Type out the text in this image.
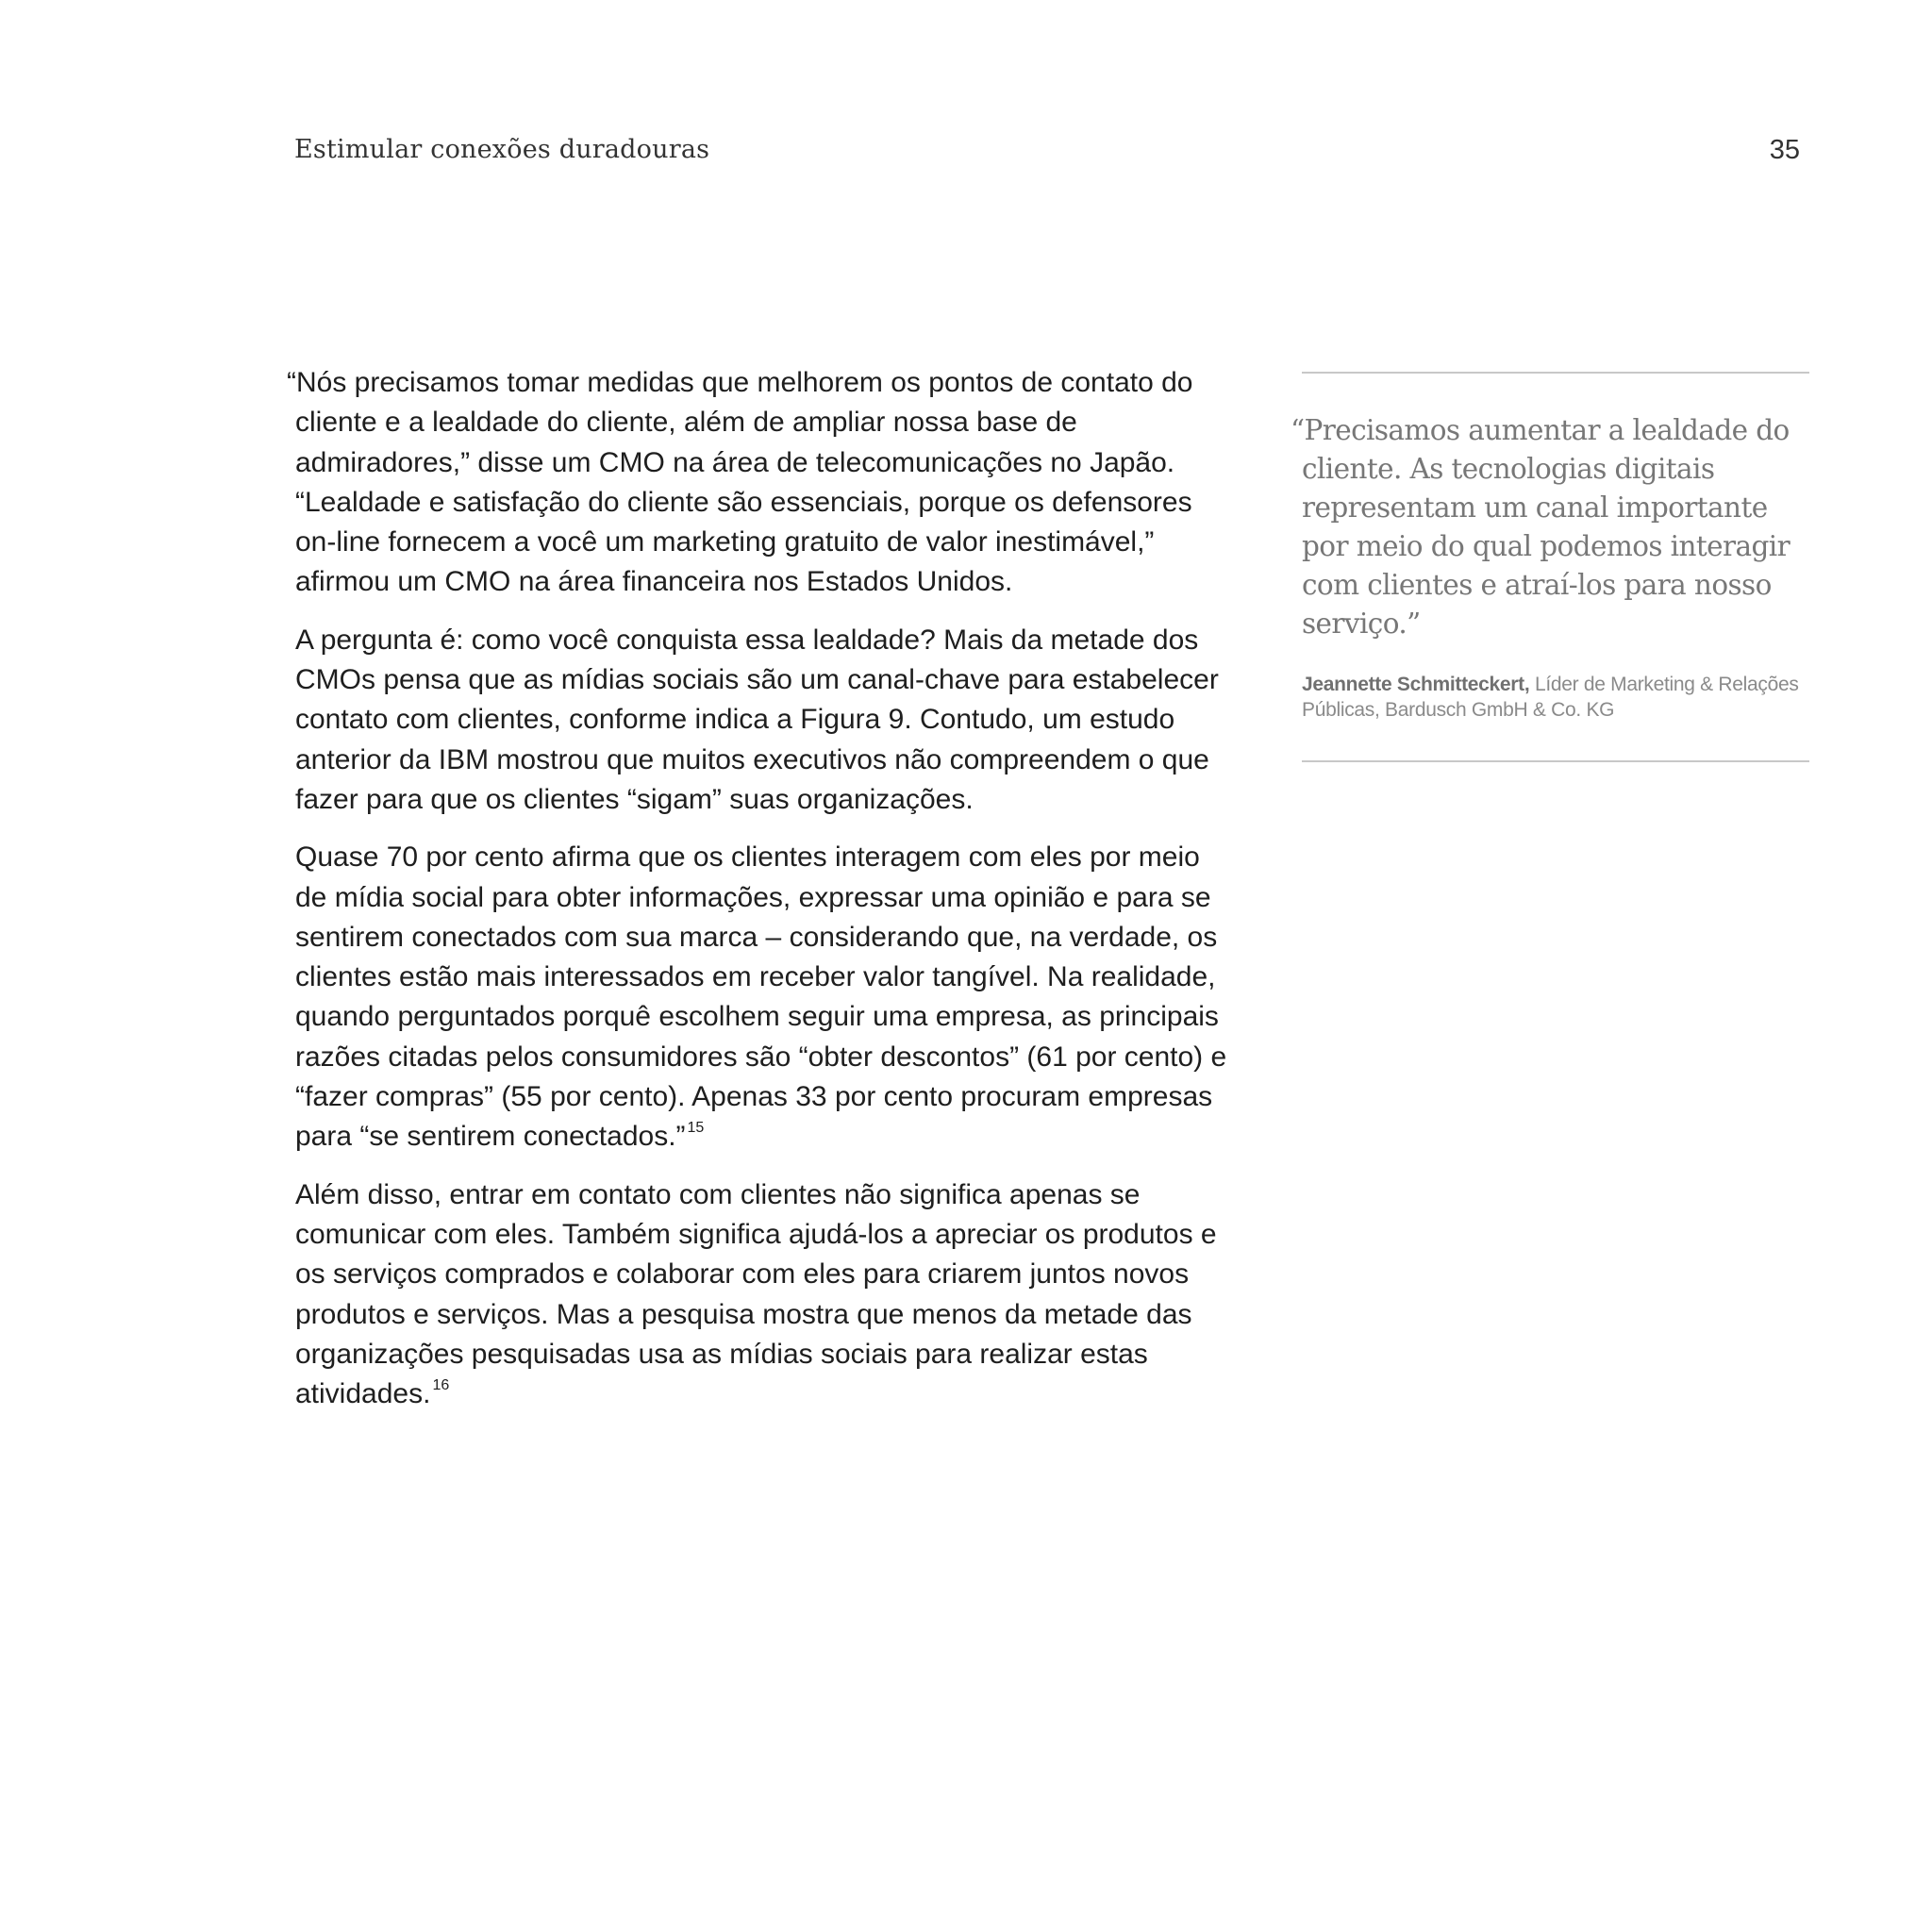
Estimular conexões duradouras	35

“Nós precisamos tomar medidas que melhorem os pontos de contato do cliente e a lealdade do cliente, além de ampliar nossa base de admiradores,” disse um CMO na área de telecomunicações no Japão. “Lealdade e satisfação do cliente são essenciais, porque os defensores on-line fornecem a você um marketing gratuito de valor inestimável,” afirmou um CMO na área financeira nos Estados Unidos.

A pergunta é: como você conquista essa lealdade? Mais da metade dos CMOs pensa que as mídias sociais são um canal-chave para estabelecer contato com clientes, conforme indica a Figura 9. Contudo, um estudo anterior da IBM mostrou que muitos executivos não compreendem o que fazer para que os clientes “sigam” suas organizações.

Quase 70 por cento afirma que os clientes interagem com eles por meio de mídia social para obter informações, expressar uma opinião e para se sentirem conectados com sua marca – considerando que, na verdade, os clientes estão mais interessados em receber valor tangível. Na realidade, quando perguntados porquê escolhem seguir uma empresa, as principais razões citadas pelos consumidores são “obter descontos” (61 por cento) e “fazer compras” (55 por cento). Apenas 33 por cento procuram empresas para “se sentirem conectados.” $^{15}$

Além disso, entrar em contato com clientes não significa apenas se comunicar com eles. Também significa ajudá-los a apreciar os produtos e os serviços comprados e colaborar com eles para criarem juntos novos produtos e serviços. Mas a pesquisa mostra que menos da metade das organizações pesquisadas usa as mídias sociais para realizar estas atividades. $^{16}$

“Precisamos aumentar a lealdade do cliente. As tecnologias digitais representam um canal importante por meio do qual podemos interagir com clientes e atraí-los para nosso serviço.”
Jeannette Schmitteckert, Líder de Marketing & Relações Públicas, Bardusch GmbH & Co. KG
